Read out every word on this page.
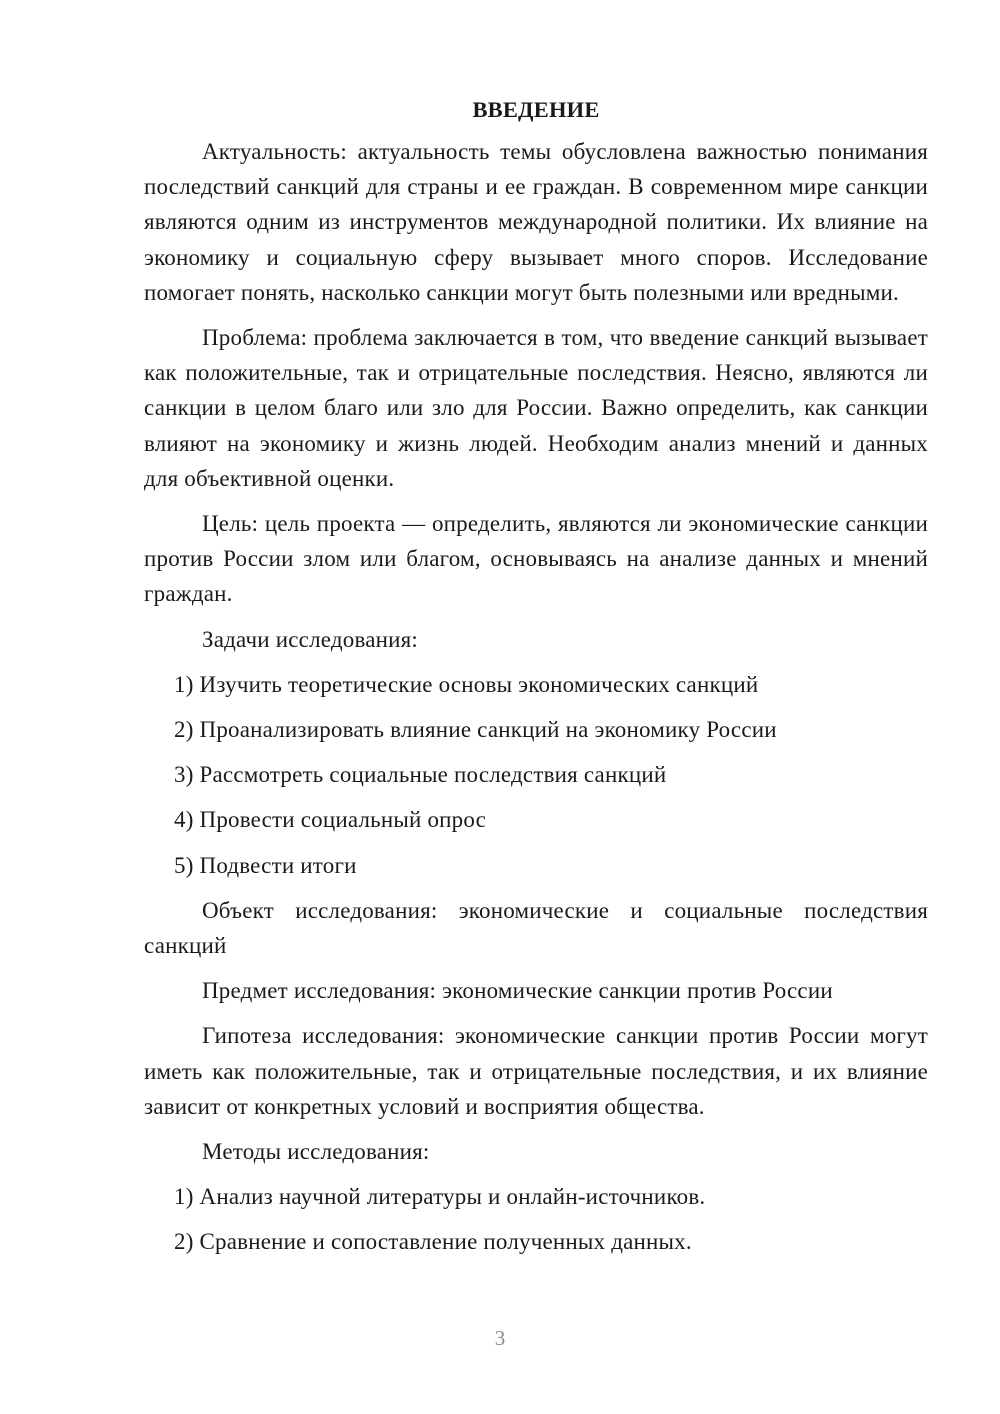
ВВЕДЕНИЕ

Актуальность: актуальность темы обусловлена важностью понимания последствий санкций для страны и ее граждан. В современном мире санкции являются одним из инструментов международной политики. Их влияние на экономику и социальную сферу вызывает много споров. Исследование помогает понять, насколько санкции могут быть полезными или вредными.

Проблема: проблема заключается в том, что введение санкций вызывает как положительные, так и отрицательные последствия. Неясно, являются ли санкции в целом благо или зло для России. Важно определить, как санкции влияют на экономику и жизнь людей. Необходим анализ мнений и данных для объективной оценки.

Цель: цель проекта — определить, являются ли экономические санкции против России злом или благом, основываясь на анализе данных и мнений граждан.

Задачи исследования:

1) Изучить теоретические основы экономических санкций
2) Проанализировать влияние санкций на экономику России
3) Рассмотреть социальные последствия санкций
4) Провести социальный опрос
5) Подвести итоги

Объект исследования: экономические и социальные последствия санкций

Предмет исследования: экономические санкции против России

Гипотеза исследования: экономические санкции против России могут иметь как положительные, так и отрицательные последствия, и их влияние зависит от конкретных условий и восприятия общества.

Методы исследования:

1) Анализ научной литературы и онлайн-источников.
2) Сравнение и сопоставление полученных данных.
3
